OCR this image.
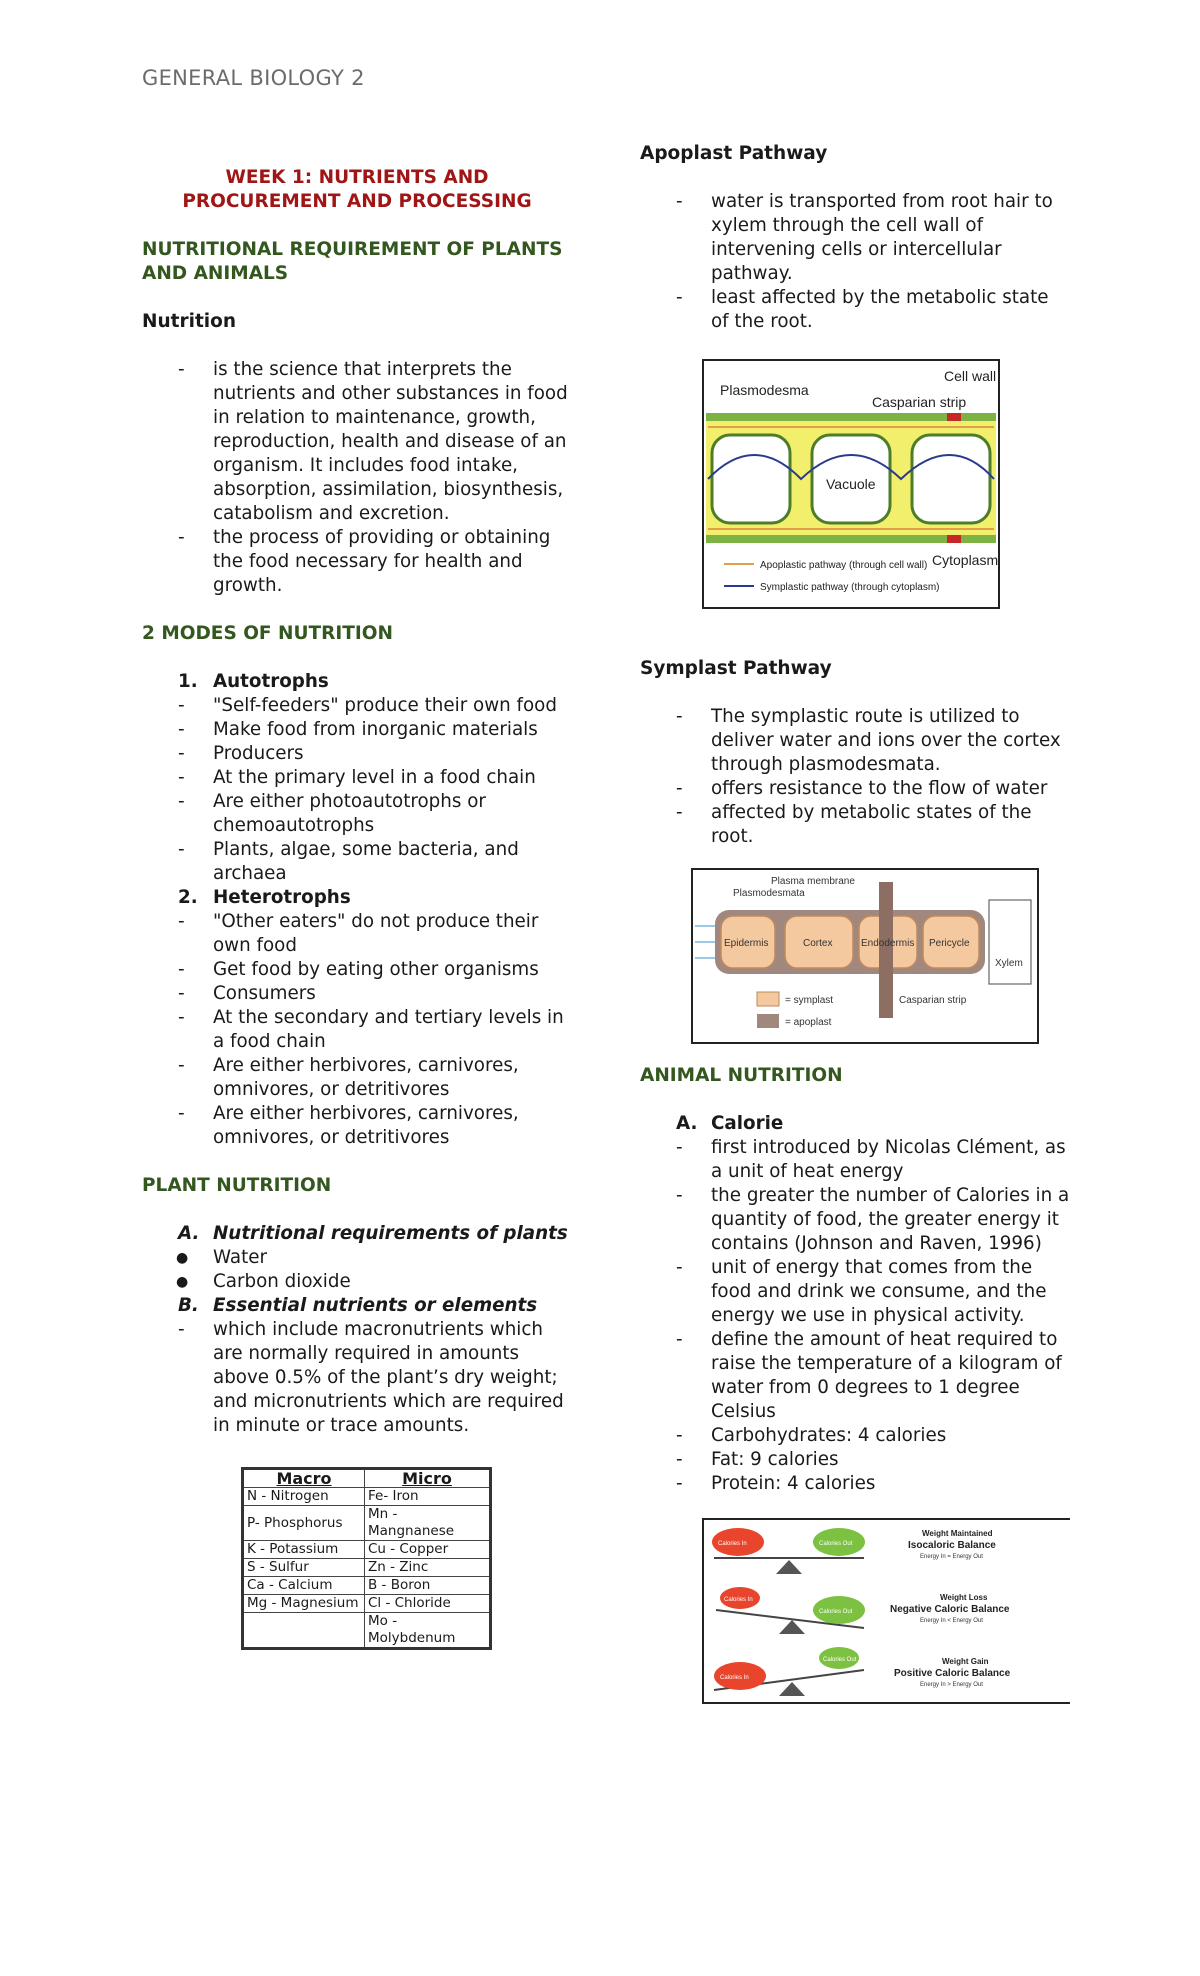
GENERAL BIOLOGY 2
WEEK 1: NUTRIENTS AND
PROCUREMENT AND PROCESSING
NUTRITIONAL REQUIREMENT OF PLANTS AND ANIMALS
Nutrition
- is the science that interprets the nutrients and other substances in food in relation to maintenance, growth, reproduction, health and disease of an organism. It includes food intake, absorption, assimilation, biosynthesis, catabolism and excretion.
- the process of providing or obtaining the food necessary for health and growth.
2 MODES OF NUTRITION
1. Autotrophs
- "Self-feeders" produce their own food
- Make food from inorganic materials
- Producers
- At the primary level in a food chain
- Are either photoautotrophs or chemoautotrophs
- Plants, algae, some bacteria, and archaea
2. Heterotrophs
- "Other eaters" do not produce their own food
- Get food by eating other organisms
- Consumers
- At the secondary and tertiary levels in a food chain
- Are either herbivores, carnivores, omnivores, or detritivores
- Are either herbivores, carnivores, omnivores, or detritivores
PLANT NUTRITION
A. Nutritional requirements of plants
● Water
● Carbon dioxide
B. Essential nutrients or elements
- which include macronutrients which are normally required in amounts above 0.5% of the plant’s dry weight; and micronutrients which are required in minute or trace amounts.
Macro	Micro
N - Nitrogen	Fe- Iron
P- Phosphorus	Mn - Mangnanese
K - Potassium	Cu - Copper
S - Sulfur	Zn - Zinc
Ca - Calcium	B - Boron
Mg - Magnesium	Cl - Chloride
	Mo - Molybdenum
Apoplast Pathway
- water is transported from root hair to xylem through the cell wall of intervening cells or intercellular pathway.
- least affected by the metabolic state of the root.
Plasmodesma
Cell wall
Casparian strip
Vacuole
Cytoplasm
Apoplastic pathway (through cell wall)
Symplastic pathway (through cytoplasm)
Symplast Pathway
- The symplastic route is utilized to deliver water and ions over the cortex through plasmodesmata.
- offers resistance to the flow of water
- affected by metabolic states of the root.
Plasma membrane
Plasmodesmata
Epidermis	Cortex	Endodermis Pericycle
Xylem
= symplast
= apoplast
Casparian strip
ANIMAL NUTRITION
A. Calorie
- first introduced by Nicolas Clément, as a unit of heat energy
- the greater the number of Calories in a quantity of food, the greater energy it contains (Johnson and Raven, 1996)
- unit of energy that comes from the food and drink we consume, and the energy we use in physical activity.
- define the amount of heat required to raise the temperature of a kilogram of water from 0 degrees to 1 degree Celsius
- Carbohydrates: 4 calories
- Fat: 9 calories
- Protein: 4 calories
Calories In	Calories Out
Weight Maintained
Isocaloric Balance
Energy In = Energy Out
Calories In
Calories Out
Weight Loss
Negative Caloric Balance
Energy In < Energy Out
Calories In
Calories Out	Weight Gain
Positive Caloric Balance
Energy In > Energy Out
